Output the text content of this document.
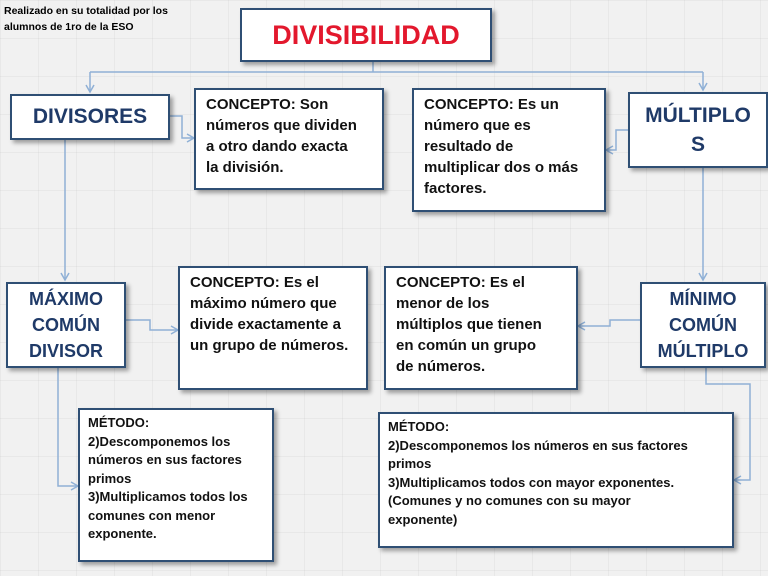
Realizado en su totalidad por los alumnos de 1ro de la ESO	DIVISIBILIDAD
DIVISORES	MÚLTIPLO S
CONCEPTO: Son
números que dividen
a otro dando exacta
la división.
CONCEPTO: Es un
número que es
resultado de
multiplicar dos o más
factores.
MÁXIMO COMÚN DIVISOR
MÍNIMO COMÚN MÚLTIPLO
CONCEPTO: Es el
máximo número que
divide exactamente a
un grupo de números.
CONCEPTO: Es el
menor de los
múltiplos que tienen
en común un grupo
de números.
MÉTODO:
2)Descomponemos los
números en sus factores
primos
3)Multiplicamos todos los
comunes con menor
exponente.
MÉTODO:
2)Descomponemos los números en sus factores
primos
3)Multiplicamos todos con mayor exponentes.
(Comunes y no comunes con su mayor
exponente)
